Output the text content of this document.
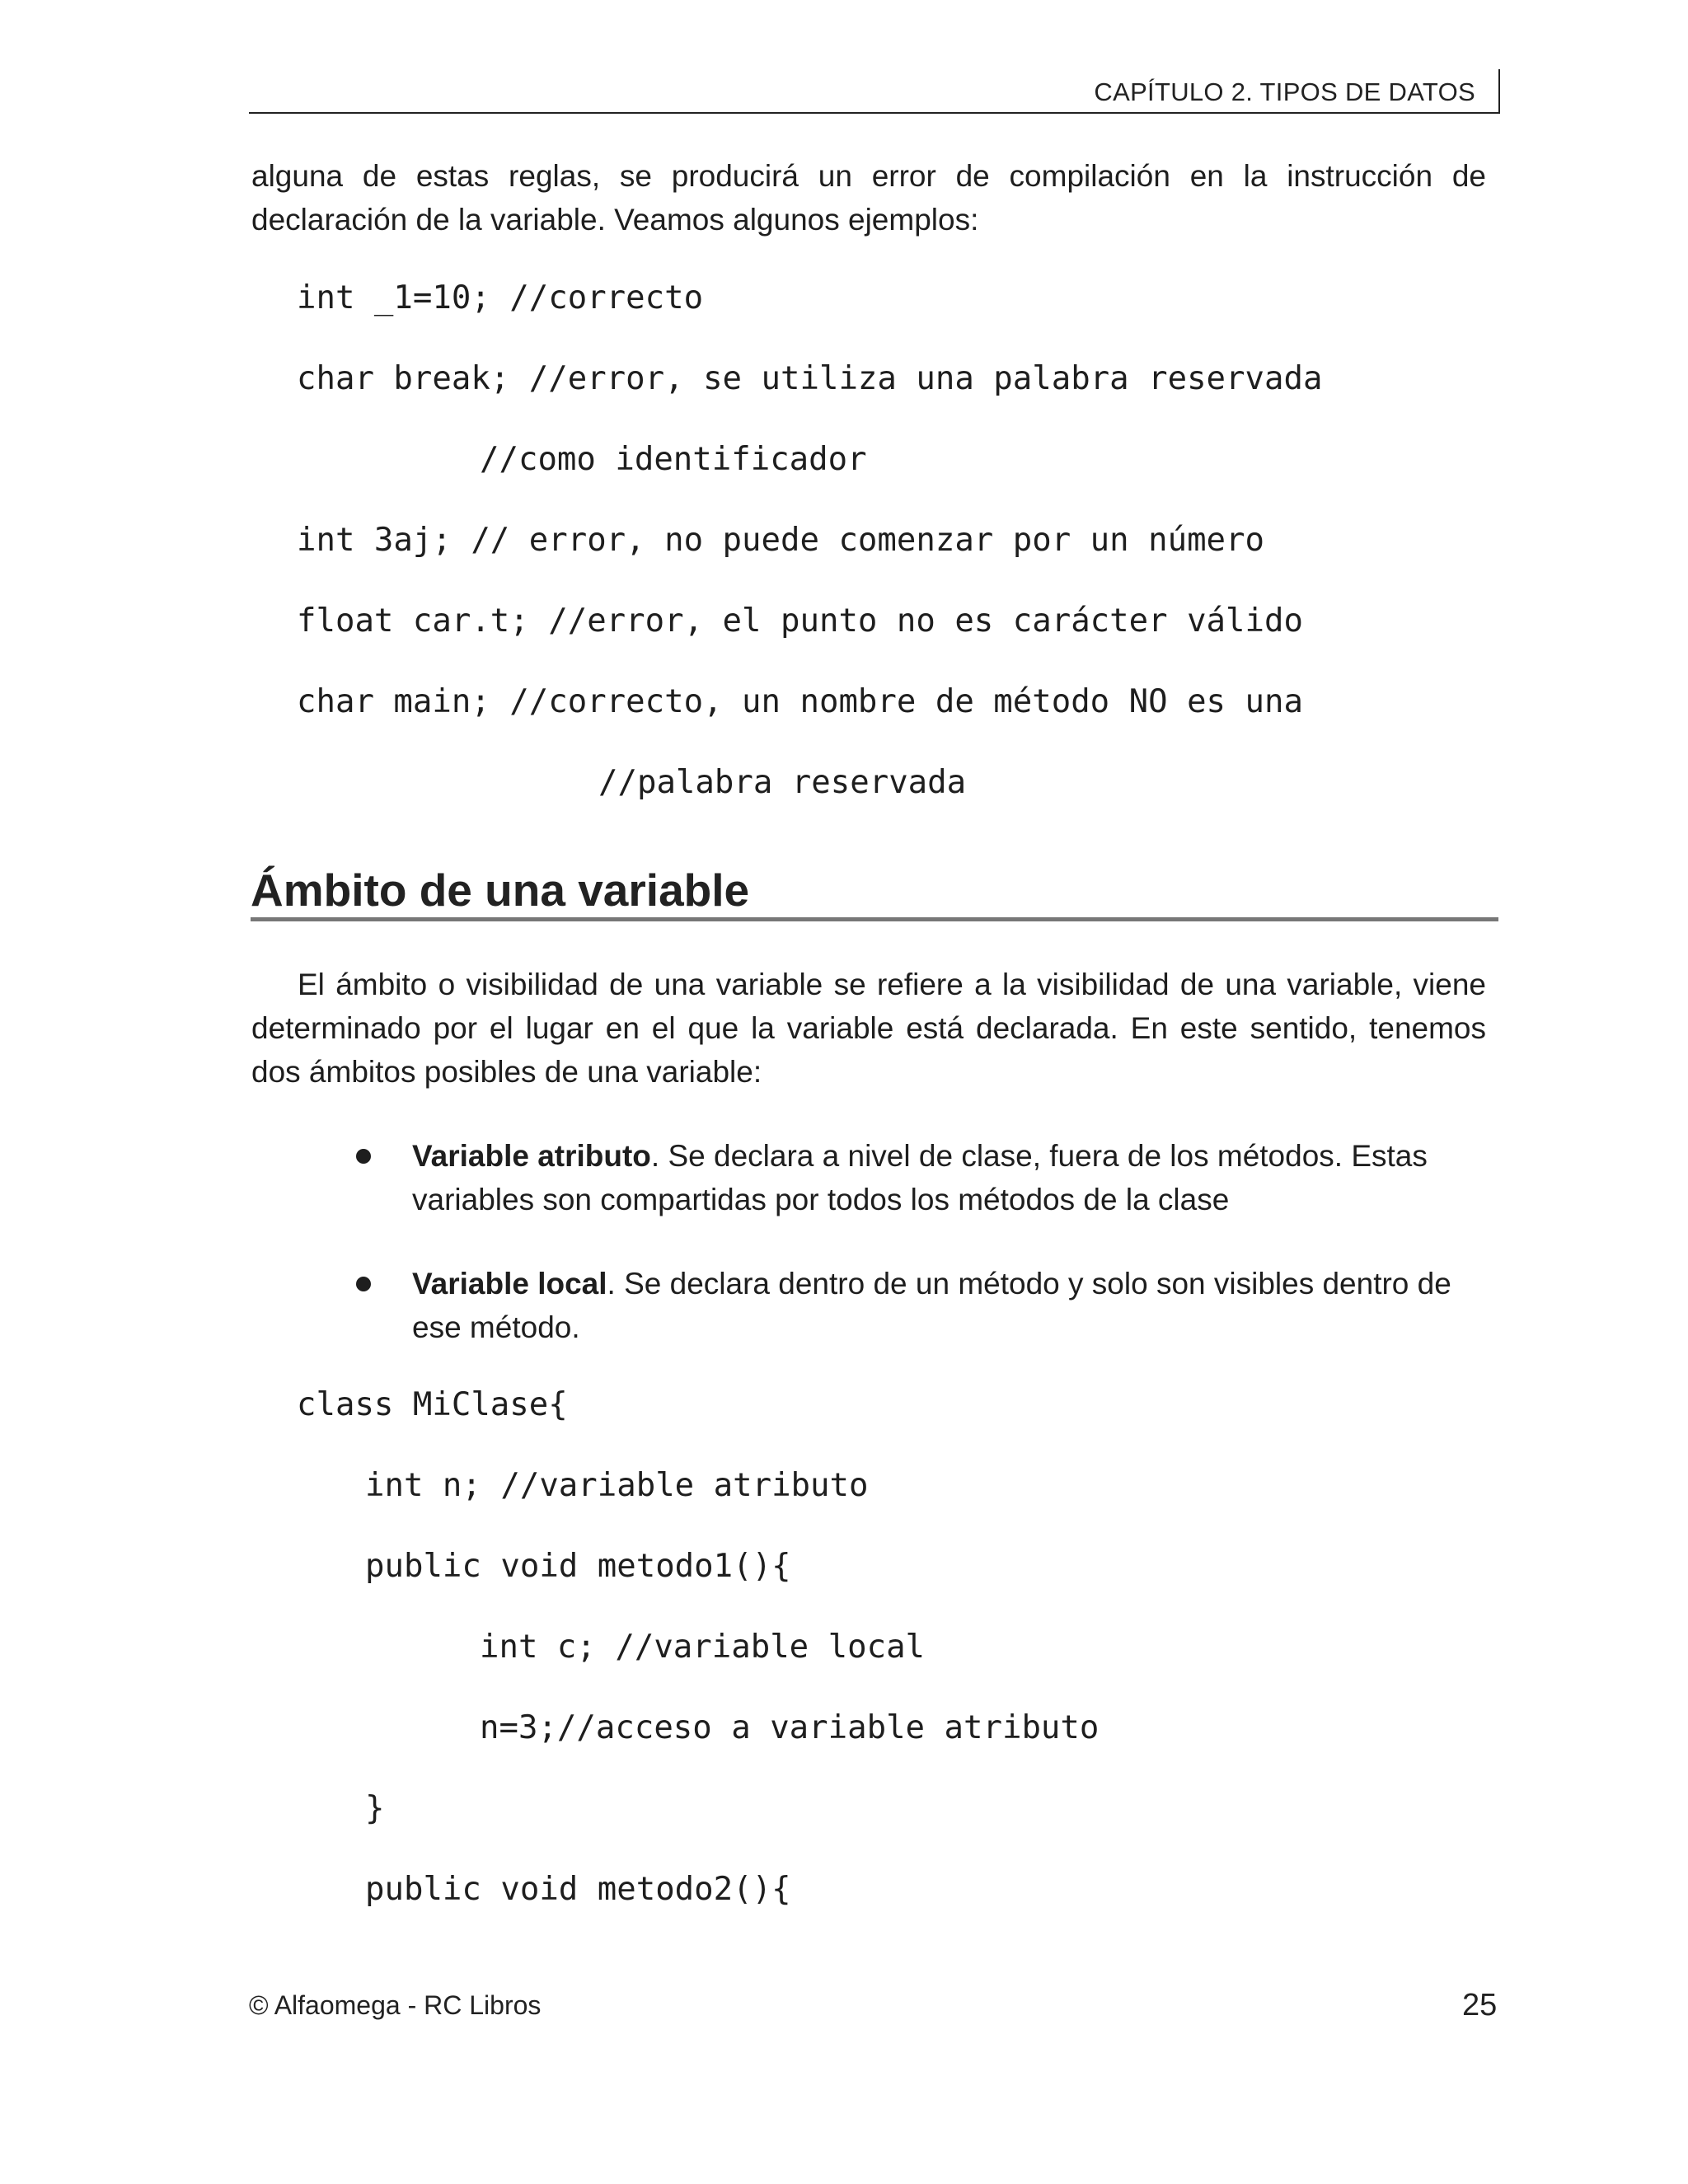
CAPÍTULO 2. TIPOS DE DATOS

alguna de estas reglas, se producirá un error de compilación en la instrucción de declaración de la variable. Veamos algunos ejemplos:

int _1=10; //correcto
char break; //error, se utiliza una palabra reservada
//como identificador
int 3aj; // error, no puede comenzar por un número
float car.t; //error, el punto no es carácter válido
char main; //correcto, un nombre de método NO es una
//palabra reservada
Ámbito de una variable

El ámbito o visibilidad de una variable se refiere a la visibilidad de una variable, viene determinado por el lugar en el que la variable está declarada. En este sentido, tenemos dos ámbitos posibles de una variable:

Variable atributo. Se declara a nivel de clase, fuera de los métodos. Estas variables son compartidas por todos los métodos de la clase
Variable local. Se declara dentro de un método y solo son visibles dentro de ese método.
class MiClase{
int n; //variable atributo
public void metodo1(){
int c; //variable local
n=3;//acceso a variable atributo
}
public void metodo2(){
© Alfaomega - RC Libros	25
